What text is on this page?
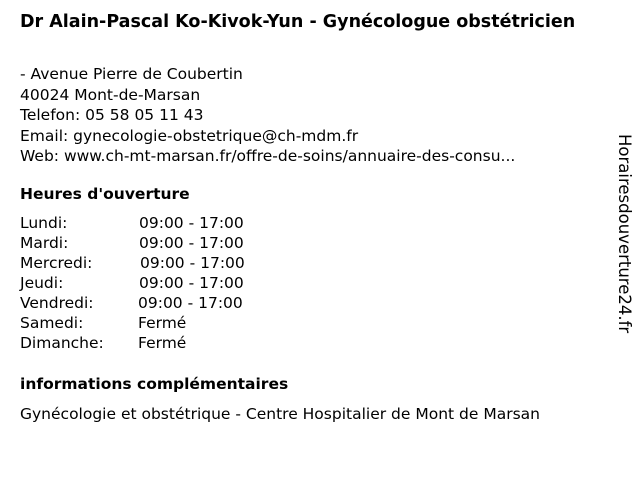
Dr Alain-Pascal Ko-Kivok-Yun - Gynécologue obstétricien
- Avenue Pierre de Coubertin
40024 Mont-de-Marsan
Telefon: 05 58 05 11 43
Email: gynecologie-obstetrique@ch-mdm.fr
Web: www.ch-mt-marsan.fr/offre-de-soins/annuaire-des-consu...
Heures d'ouverture
Lundi:	09:00 - 17:00
Mardi:	09:00 - 17:00
Mercredi:	09:00 - 17:00
Jeudi:	09:00 - 17:00
Vendredi:	09:00 - 17:00
Samedi:	Fermé
Dimanche: Fermé
informations complémentaires
Gynécologie et obstétrique - Centre Hospitalier de Mont de Marsan
Horairesdouverture24.fr
